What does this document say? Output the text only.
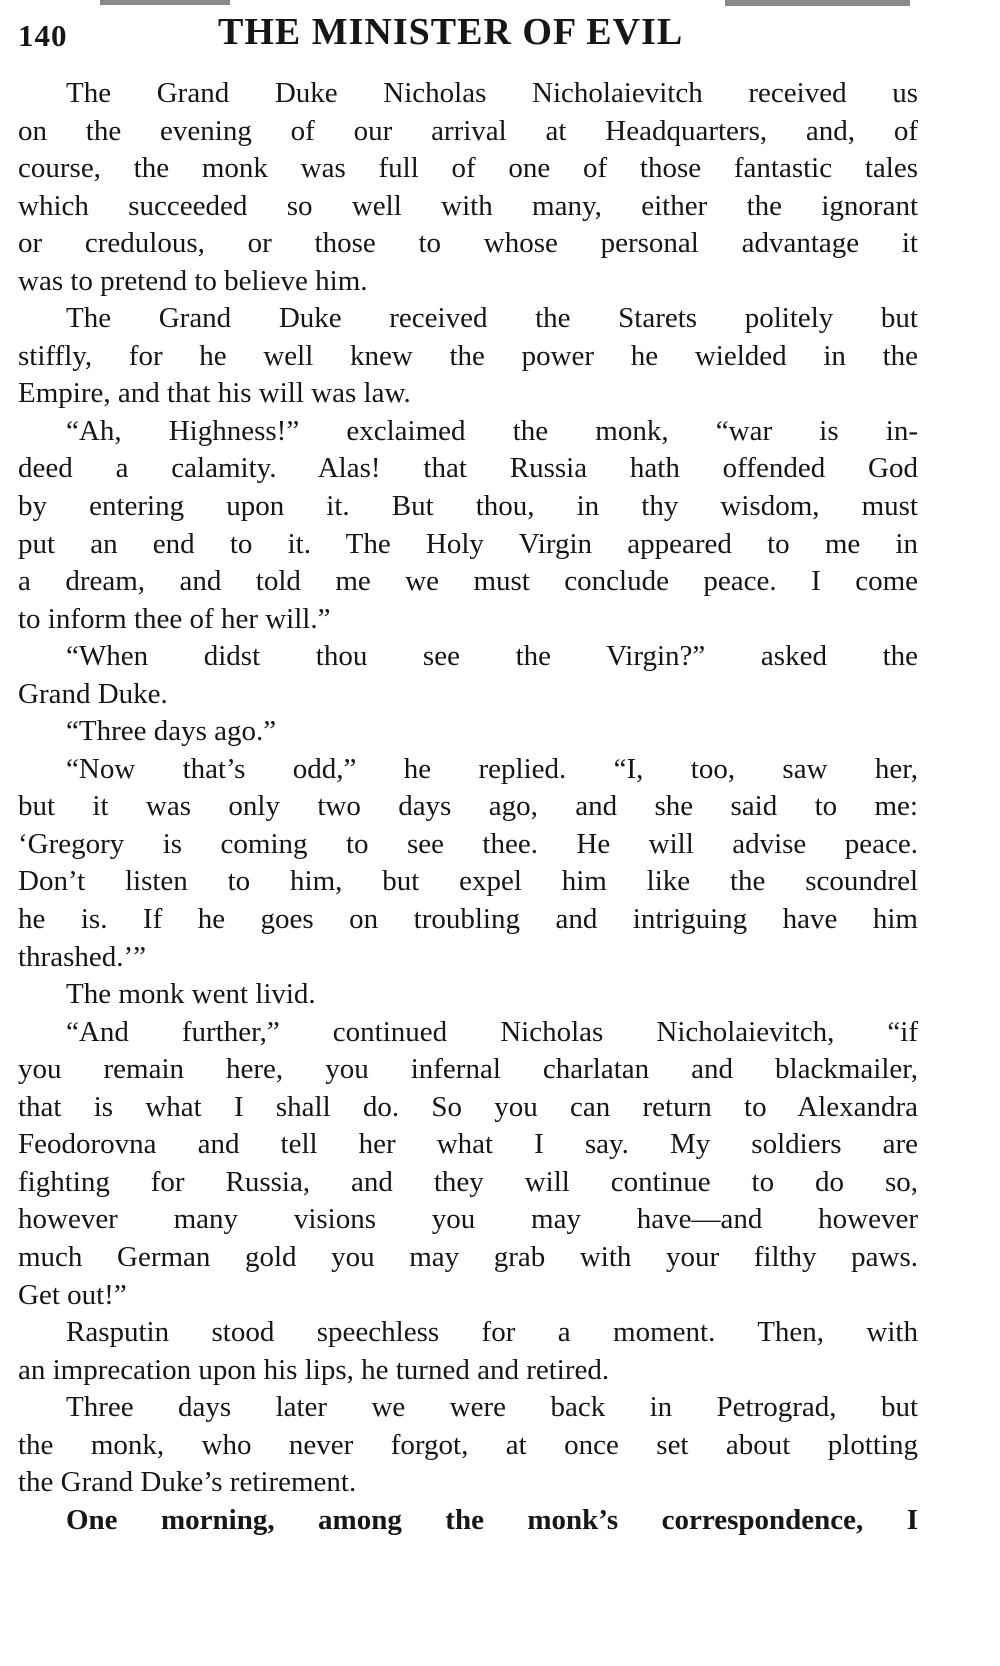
140	THE MINISTER OF EVIL
The Grand Duke Nicholas Nicholaievitch received us
on the evening of our arrival at Headquarters, and, of
course, the monk was full of one of those fantastic tales
which succeeded so well with many, either the ignorant
or credulous, or those to whose personal advantage it
was to pretend to believe him.
The Grand Duke received the Starets politely but
stiffly, for he well knew the power he wielded in the
Empire, and that his will was law.
“Ah, Highness!” exclaimed the monk, “war is in-
deed a calamity. Alas! that Russia hath offended God
by entering upon it. But thou, in thy wisdom, must
put an end to it. The Holy Virgin appeared to me in
a dream, and told me we must conclude peace. I come
to inform thee of her will.”
“When didst thou see the Virgin?” asked the
Grand Duke.
“Three days ago.”
“Now that’s odd,” he replied. “I, too, saw her,
but it was only two days ago, and she said to me:
‘Gregory is coming to see thee. He will advise peace.
Don’t listen to him, but expel him like the scoundrel
he is. If he goes on troubling and intriguing have him
thrashed.’”
The monk went livid.
“And further,” continued Nicholas Nicholaievitch, “if
you remain here, you infernal charlatan and blackmailer,
that is what I shall do. So you can return to Alexandra
Feodorovna and tell her what I say. My soldiers are
fighting for Russia, and they will continue to do so,
however many visions you may have—and however
much German gold you may grab with your filthy paws.
Get out!”
Rasputin stood speechless for a moment. Then, with
an imprecation upon his lips, he turned and retired.
Three days later we were back in Petrograd, but
the monk, who never forgot, at once set about plotting
the Grand Duke’s retirement.
One morning, among the monk’s correspondence, I
